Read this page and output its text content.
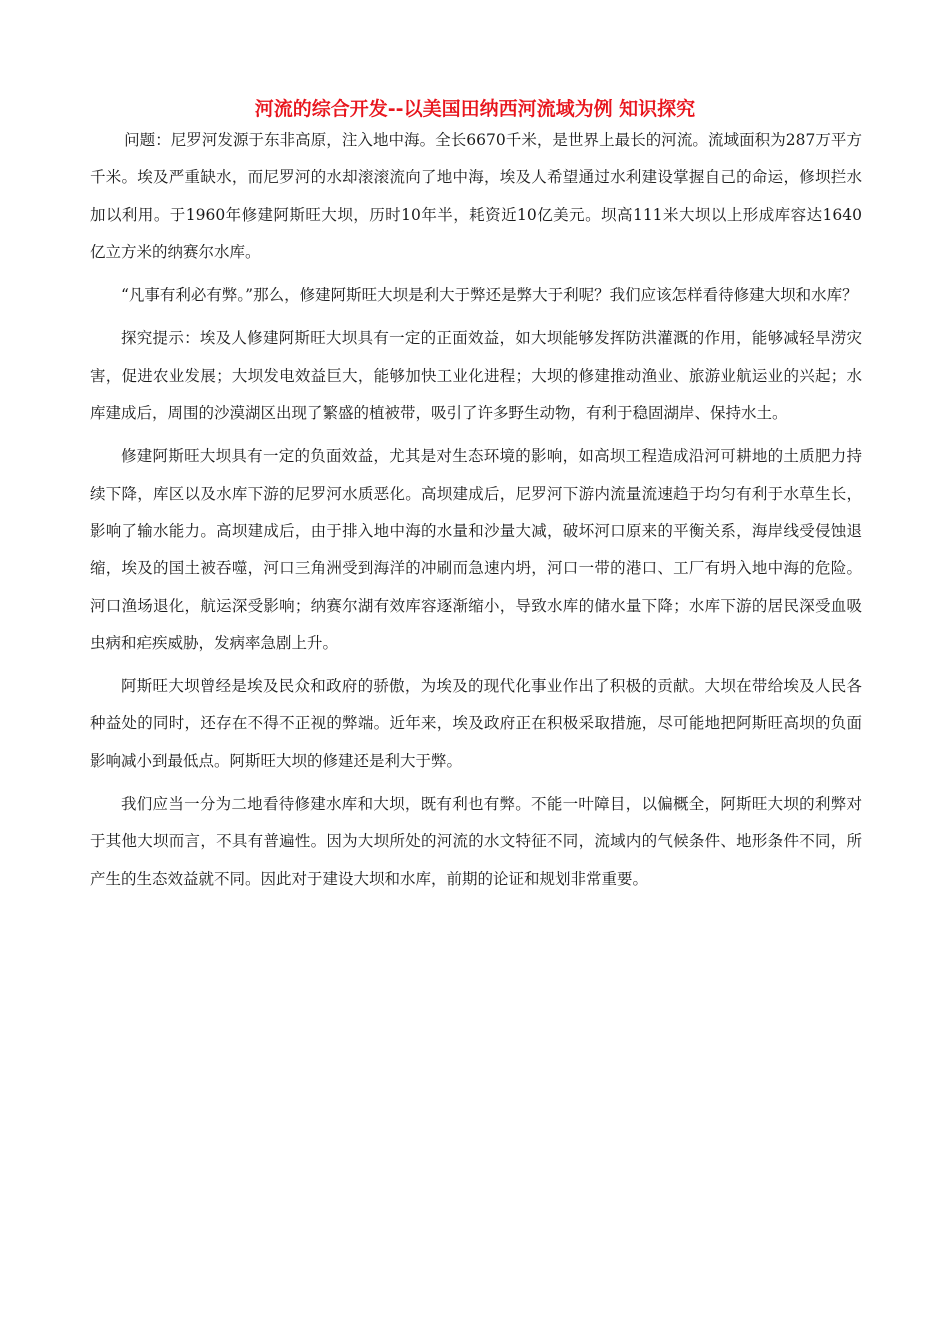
河流的综合开发--以美国田纳西河流域为例 知识探究

问题：尼罗河发源于东非高原，注入地中海。全长6670千米，是世界上最长的河流。流域面积为287万平方千米。埃及严重缺水，而尼罗河的水却滚滚流向了地中海，埃及人希望通过水利建设掌握自己的命运，修坝拦水加以利用。于1960年修建阿斯旺大坝，历时10年半，耗资近10亿美元。坝高111米大坝以上形成库容达1640 亿立方米的纳赛尔水库。

“凡事有利必有弊。”那么，修建阿斯旺大坝是利大于弊还是弊大于利呢？我们应该怎样看待修建大坝和水库？

探究提示：埃及人修建阿斯旺大坝具有一定的正面效益，如大坝能够发挥防洪灌溉的作用，能够减轻旱涝灾害，促进农业发展；大坝发电效益巨大，能够加快工业化进程；大坝的修建推动渔业、旅游业航运业的兴起；水库建成后，周围的沙漠湖区出现了繁盛的植被带，吸引了许多野生动物，有利于稳固湖岸、保持水土。

修建阿斯旺大坝具有一定的负面效益，尤其是对生态环境的影响，如高坝工程造成沿河可耕地的土质肥力持续下降，库区以及水库下游的尼罗河水质恶化。高坝建成后，尼罗河下游内流量流速趋于均匀有利于水草生长，影响了输水能力。高坝建成后，由于排入地中海的水量和沙量大减，破坏河口原来的平衡关系，海岸线受侵蚀退缩，埃及的国土被吞噬，河口三角洲受到海洋的冲刷而急速内坍，河口一带的港口、工厂有坍入地中海的危险。河口渔场退化，航运深受影响；纳赛尔湖有效库容逐渐缩小，导致水库的储水量下降；水库下游的居民深受血吸虫病和疟疾威胁，发病率急剧上升。

阿斯旺大坝曾经是埃及民众和政府的骄傲，为埃及的现代化事业作出了积极的贡献。大坝在带给埃及人民各种益处的同时，还存在不得不正视的弊端。近年来，埃及政府正在积极采取措施，尽可能地把阿斯旺高坝的负面影响减小到最低点。阿斯旺大坝的修建还是利大于弊。

我们应当一分为二地看待修建水库和大坝，既有利也有弊。不能一叶障目，以偏概全，阿斯旺大坝的利弊对于其他大坝而言，不具有普遍性。因为大坝所处的河流的水文特征不同，流域内的气候条件、地形条件不同，所产生的生态效益就不同。因此对于建设大坝和水库，前期的论证和规划非常重要。
